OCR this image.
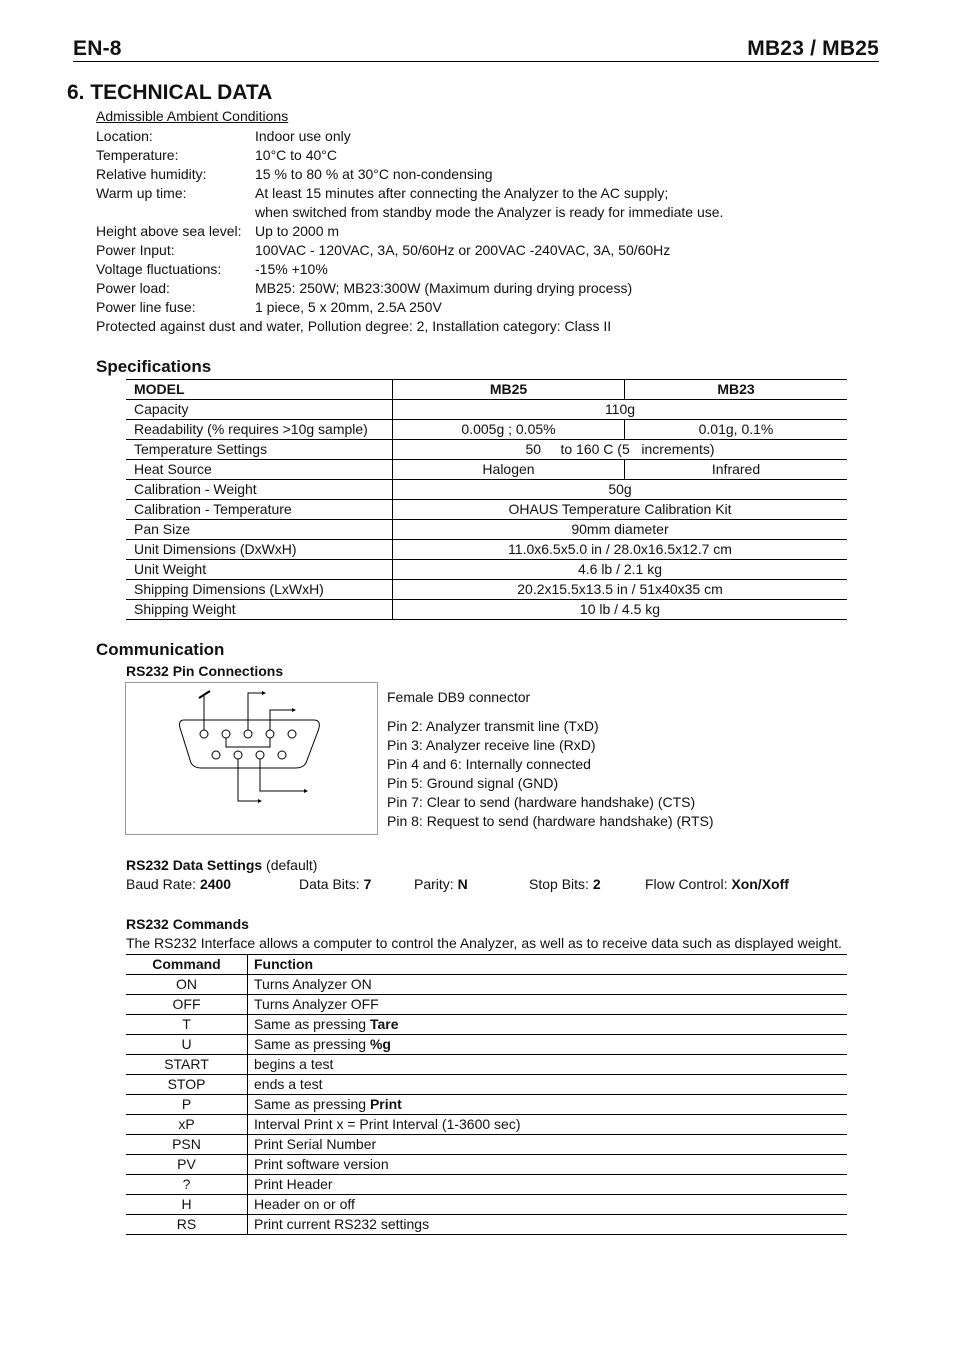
EN-8	MB23 / MB25
6. TECHNICAL DATA
Admissible Ambient Conditions
Location:	Indoor use only
Temperature:	10°C to 40°C
Relative humidity:	15 % to 80 % at 30°C non-condensing
Warm up time:	At least 15 minutes after connecting the Analyzer to the AC supply;
when switched from standby mode the Analyzer is ready for immediate use.
Height above sea level: Up to 2000 m
Power Input:	100VAC - 120VAC, 3A, 50/60Hz or 200VAC -240VAC, 3A, 50/60Hz
Voltage fluctuations: -15% +10%
Power load:	MB25: 250W; MB23:300W (Maximum during drying process)
Power line fuse:	1 piece, 5 x 20mm, 2.5A 250V
Protected against dust and water, Pollution degree: 2, Installation category: Class II
Specifications
MODEL	MB25	MB23
Capacity	110g	
Readability (% requires >10g sample)	0.005g ; 0.05%	0.01g, 0.1%
Temperature Settings	50     to 160 C (5   increments)	
Heat Source	Halogen	Infrared
Calibration - Weight	50g	
Calibration - Temperature	OHAUS Temperature Calibration Kit	
Pan Size	90mm diameter	
Unit Dimensions (DxWxH)	11.0x6.5x5.0 in / 28.0x16.5x12.7 cm	
Unit Weight	4.6 lb / 2.1 kg	
Shipping Dimensions (LxWxH)	20.2x15.5x13.5 in / 51x40x35 cm	
Shipping Weight	10 lb / 4.5 kg	
Communication
RS232 Pin Connections
Female DB9 connector
Pin 2: Analyzer transmit line (TxD)
Pin 3: Analyzer receive line (RxD)
Pin 4 and 6: Internally connected
Pin 5: Ground signal (GND)
Pin 7: Clear to send (hardware handshake) (CTS)
Pin 8: Request to send (hardware handshake) (RTS)
RS232 Data Settings (default)
Baud Rate: 2400	Data Bits: 7	Parity: N	Stop Bits: 2	Flow Control: Xon/Xoff
RS232 Commands
The RS232 Interface allows a computer to control the Analyzer, as well as to receive data such as displayed weight.
Command	Function
ON	Turns Analyzer ON
OFF	Turns Analyzer OFF
T	Same as pressing Tare
U	Same as pressing %g
START	begins a test
STOP	ends a test
P	Same as pressing Print
xP	Interval Print x = Print Interval (1-3600 sec)
PSN	Print Serial Number
PV	Print software version
?	Print Header
H	Header on or off
RS	Print current RS232 settings
